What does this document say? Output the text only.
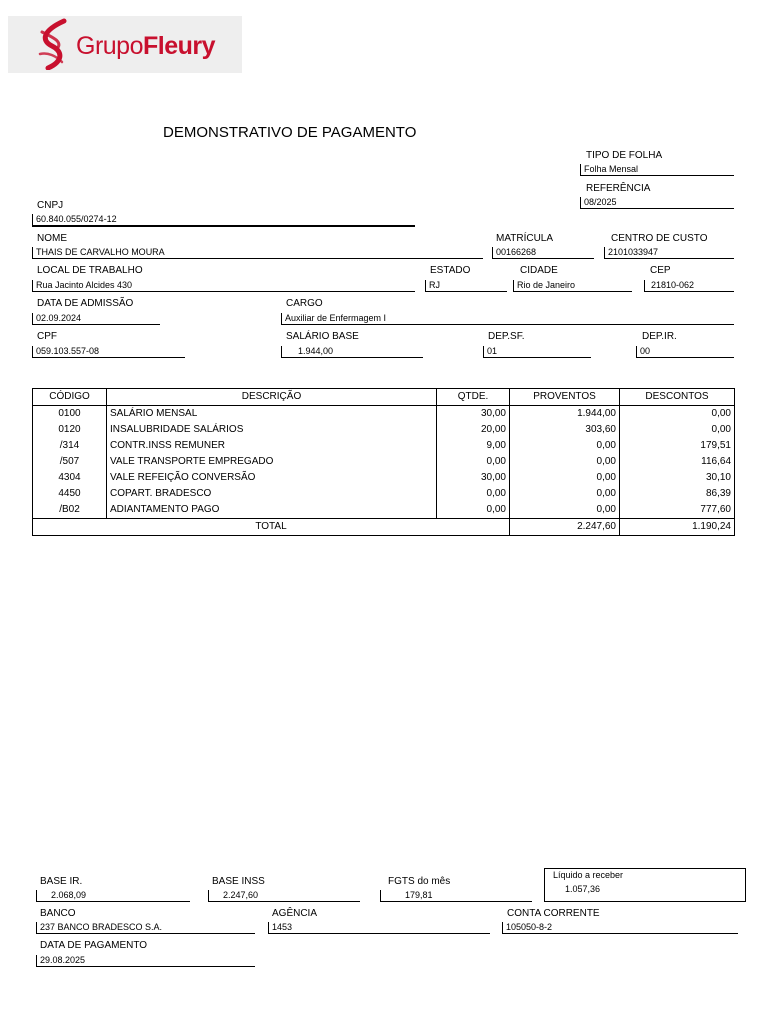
GrupoFleury
DEMONSTRATIVO DE PAGAMENTO
TIPO DE FOLHA
Folha Mensal
REFERÊNCIA
08/2025
CNPJ
60.840.055/0274-12
NOME
THAIS DE CARVALHO MOURA
MATRÍCULA
00166268
CENTRO DE CUSTO
2101033947
LOCAL DE TRABALHO
Rua Jacinto Alcides 430
ESTADO
RJ
CIDADE
Rio de Janeiro
CEP
21810-062
DATA DE ADMISSÃO
02.09.2024
CARGO
Auxiliar de Enfermagem I
CPF
059.103.557-08
SALÁRIO BASE
1.944,00
DEP.SF.
01
DEP.IR.
00
CÓDIGO	DESCRIÇÃO	QTDE.	PROVENTOS	DESCONTOS
0100	SALÁRIO MENSAL	30,00	1.944,00	0,00
0120	INSALUBRIDADE SALÁRIOS	20,00	303,60	0,00
/314	CONTR.INSS REMUNER	9,00	0,00	179,51
/507	VALE TRANSPORTE EMPREGADO	0,00	0,00	116,64
4304	VALE REFEIÇÃO CONVERSÃO	30,00	0,00	30,10
4450	COPART. BRADESCO	0,00	0,00	86,39
/B02	ADIANTAMENTO PAGO	0,00	0,00	777,60
TOTAL			2.247,60	1.190,24
BASE IR.
2.068,09
BASE INSS
2.247,60
FGTS do mês
179,81
Líquido a receber
1.057,36
BANCO
237 BANCO BRADESCO S.A.
AGÊNCIA
1453
CONTA CORRENTE
105050-8-2
DATA DE PAGAMENTO
29.08.2025
